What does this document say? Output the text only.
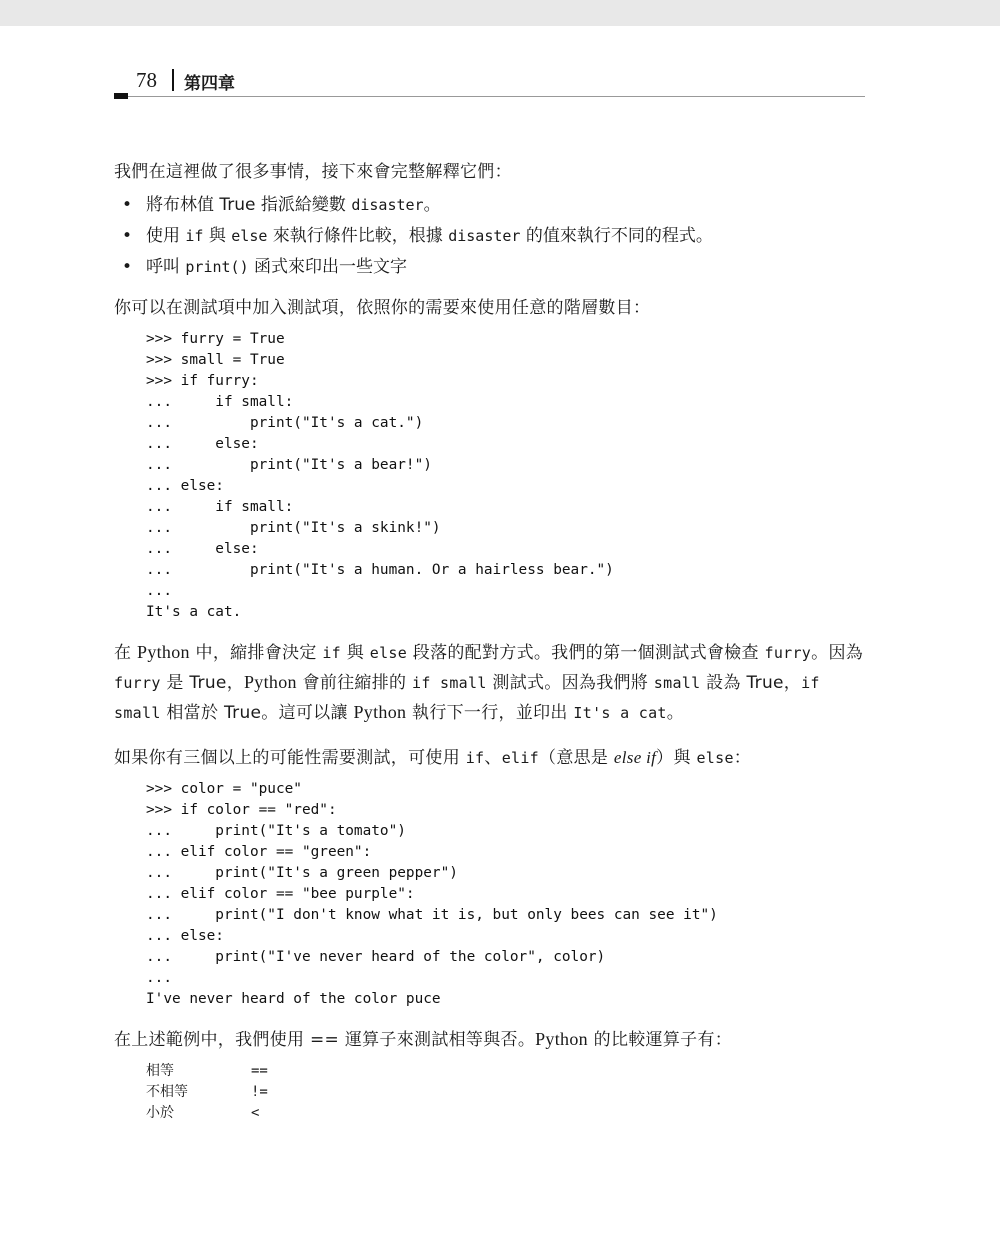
78 第四章

我們在這裡做了很多事情，接下來會完整解釋它們：

• 將布林值 True 指派給變數 disaster。
• 使用 if 與 else 來執行條件比較，根據 disaster 的值來執行不同的程式。
• 呼叫 print() 函式來印出一些文字

你可以在測試項中加入測試項，依照你的需要來使用任意的階層數目：

>>> furry = True
>>> small = True
>>> if furry:
...     if small:
...         print("It's a cat.")
...     else:
...         print("It's a bear!")
... else:
...     if small:
...         print("It's a skink!")
...     else:
...         print("It's a human. Or a hairless bear.")
...
It's a cat.

在 Python 中，縮排會決定 if 與 else 段落的配對方式。我們的第一個測試式會檢查 furry。因為 furry 是 True，Python 會前往縮排的 if small 測試式。因為我們將 small 設為 True，if small 相當於 True。這可以讓 Python 執行下一行，並印出 It's a cat。

如果你有三個以上的可能性需要測試，可使用 if、elif（意思是 else if）與 else：

>>> color = "puce"
>>> if color == "red":
...     print("It's a tomato")
... elif color == "green":
...     print("It's a green pepper")
... elif color == "bee purple":
...     print("I don't know what it is, but only bees can see it")
... else:
...     print("I've never heard of the color", color)
...
I've never heard of the color puce

在上述範例中，我們使用 == 運算子來測試相等與否。Python 的比較運算子有：

相等	==
不相等	!=
小於	<
